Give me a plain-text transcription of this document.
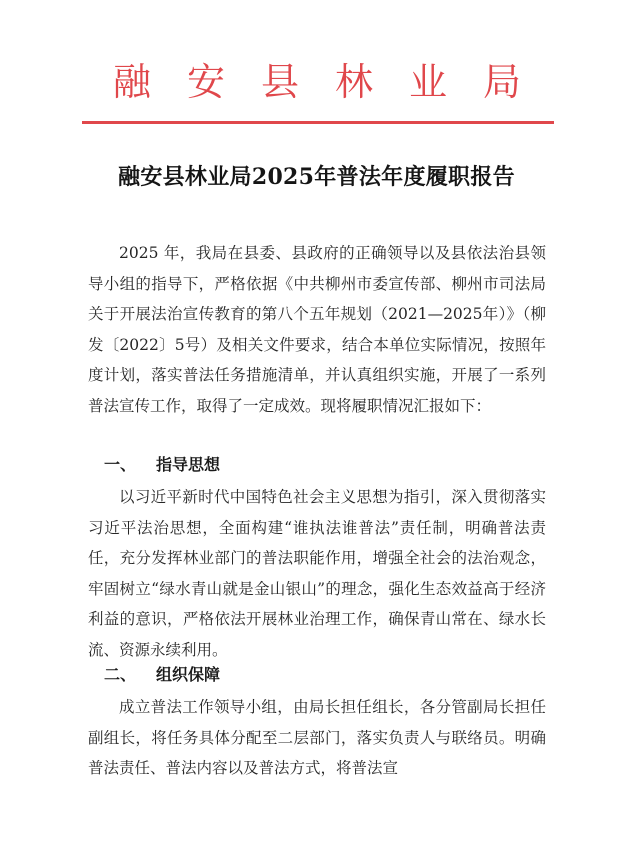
融 安 县 林 业 局
融安县林业局2025年普法年度履职报告
2025 年，我局在县委、县政府的正确领导以及县依法治县领导小组的指导下，严格依据《中共柳州市委宣传部、柳州市司法局关于开展法治宣传教育的第八个五年规划（2021—2025年）》（柳发〔2022〕5号）及相关文件要求，结合本单位实际情况，按照年度计划，落实普法任务措施清单，并认真组织实施，开展了一系列普法宣传工作，取得了一定成效。现将履职情况汇报如下：
一、 指导思想
以习近平新时代中国特色社会主义思想为指引，深入贯彻落实习近平法治思想，全面构建“谁执法谁普法”责任制，明确普法责任，充分发挥林业部门的普法职能作用，增强全社会的法治观念，牢固树立“绿水青山就是金山银山”的理念，强化生态效益高于经济利益的意识，严格依法开展林业治理工作，确保青山常在、绿水长流、资源永续利用。
二、 组织保障
成立普法工作领导小组，由局长担任组长，各分管副局长担任副组长，将任务具体分配至二层部门，落实负责人与联络员。明确普法责任、普法内容以及普法方式，将普法宣
